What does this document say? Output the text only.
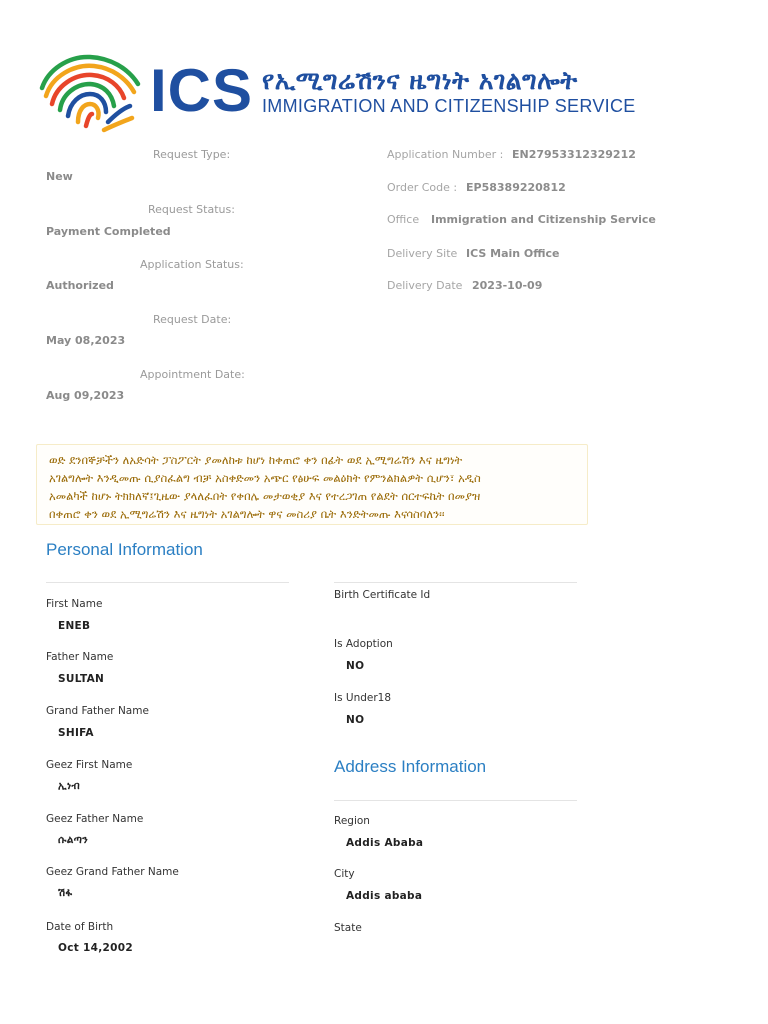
ICS የኢሚግሬሽንና ዜግነት አገልግሎት
IMMIGRATION AND CITIZENSHIP SERVICE
Request Type:
New
Request Status:
Payment Completed
Application Status:
Authorized
Request Date:
May 08,2023
Appointment Date:
Aug 09,2023
Application Number : EN27953312329212
Order Code : EP58389220812
Office Immigration and Citizenship Service
Delivery Site ICS Main Office
Delivery Date 2023-10-09
ወድ ደንበኞቻችን ለአድሳት ፓስፖርት ያመለከቱ ከሆነ ከቀጠሮ ቀን በፊት ወደ ኢሚግሬሽን እና ዜግነት
አገልግሎት እንዲመጡ ሲያስፈልግ ብቻ አስቀድመን አጭር የፅሁፍ መልዕክት የምንልክልዎት ሲሆን፣ አዲስ
አመልካች ከሆኑ ትክክለኛ፤ጊዜው ያላለፈበት የቀበሌ መታወቂያ እና የተረጋገጠ የልደት ሰርተፍኬት በመያዝ
በቀጠሮ ቀን ወደ ኢሚግሬሽን እና ዜግነት አገልግሎት ዋና መስሪያ ቤት እንድትመጡ እናሳስባለን፡፡
Personal Information
First Name
ENEB
Father Name
SULTAN
Grand Father Name
SHIFA
Geez First Name
ኢነብ
Geez Father Name
ሱልጣን
Geez Grand Father Name
ሽፋ
Date of Birth
Oct 14,2002
Birth Certificate Id
Is Adoption
NO
Is Under18
NO
Address Information
Region
Addis Ababa
City
Addis ababa
State
